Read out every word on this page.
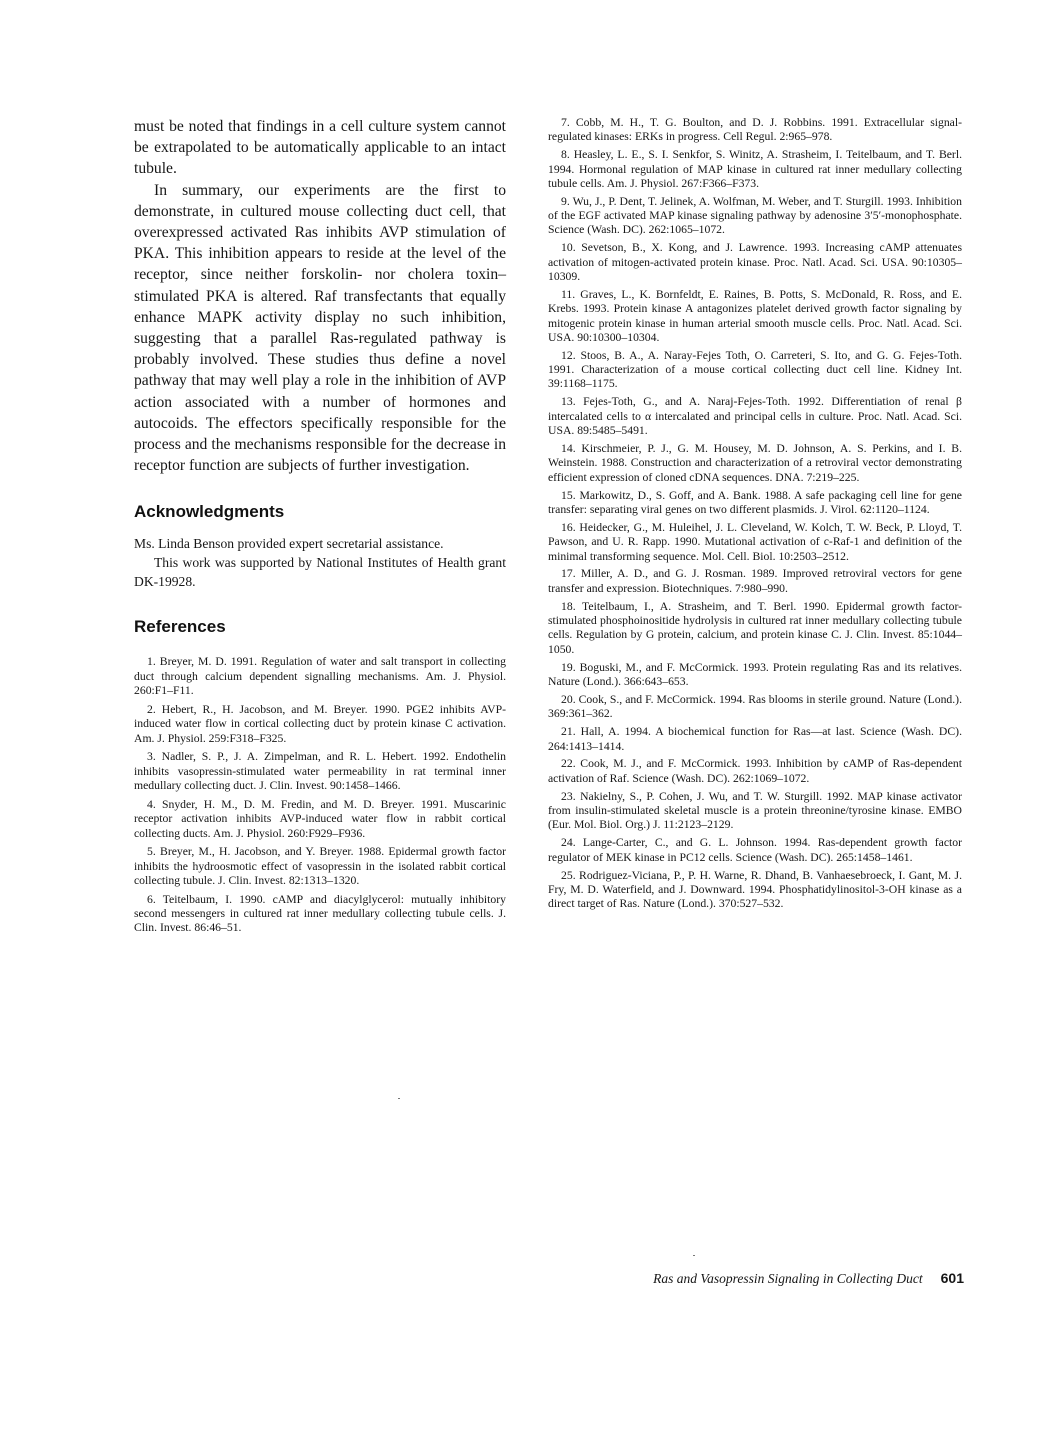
must be noted that findings in a cell culture system cannot be extrapolated to be automatically applicable to an intact tubule.

In summary, our experiments are the first to demonstrate, in cultured mouse collecting duct cell, that overexpressed activated Ras inhibits AVP stimulation of PKA. This inhibition appears to reside at the level of the receptor, since neither forskolin- nor cholera toxin–stimulated PKA is altered. Raf transfectants that equally enhance MAPK activity display no such inhibition, suggesting that a parallel Ras-regulated pathway is probably involved. These studies thus define a novel pathway that may well play a role in the inhibition of AVP action associated with a number of hormones and autocoids. The effectors specifically responsible for the process and the mechanisms responsible for the decrease in receptor function are subjects of further investigation.

Acknowledgments

Ms. Linda Benson provided expert secretarial assistance.

This work was supported by National Institutes of Health grant DK-19928.

References

1. Breyer, M. D. 1991. Regulation of water and salt transport in collecting duct through calcium dependent signalling mechanisms. Am. J. Physiol. 260:F1–F11.

2. Hebert, R., H. Jacobson, and M. Breyer. 1990. PGE2 inhibits AVP-induced water flow in cortical collecting duct by protein kinase C activation. Am. J. Physiol. 259:F318–F325.

3. Nadler, S. P., J. A. Zimpelman, and R. L. Hebert. 1992. Endothelin inhibits vasopressin-stimulated water permeability in rat terminal inner medullary collecting duct. J. Clin. Invest. 90:1458–1466.

4. Snyder, H. M., D. M. Fredin, and M. D. Breyer. 1991. Muscarinic receptor activation inhibits AVP-induced water flow in rabbit cortical collecting ducts. Am. J. Physiol. 260:F929–F936.

5. Breyer, M., H. Jacobson, and Y. Breyer. 1988. Epidermal growth factor inhibits the hydroosmotic effect of vasopressin in the isolated rabbit cortical collecting tubule. J. Clin. Invest. 82:1313–1320.

6. Teitelbaum, I. 1990. cAMP and diacylglycerol: mutually inhibitory second messengers in cultured rat inner medullary collecting tubule cells. J. Clin. Invest. 86:46–51.

7. Cobb, M. H., T. G. Boulton, and D. J. Robbins. 1991. Extracellular signal-regulated kinases: ERKs in progress. Cell Regul. 2:965–978.

8. Heasley, L. E., S. I. Senkfor, S. Winitz, A. Strasheim, I. Teitelbaum, and T. Berl. 1994. Hormonal regulation of MAP kinase in cultured rat inner medullary collecting tubule cells. Am. J. Physiol. 267:F366–F373.

9. Wu, J., P. Dent, T. Jelinek, A. Wolfman, M. Weber, and T. Sturgill. 1993. Inhibition of the EGF activated MAP kinase signaling pathway by adenosine 3′5′-monophosphate. Science (Wash. DC). 262:1065–1072.

10. Sevetson, B., X. Kong, and J. Lawrence. 1993. Increasing cAMP attenuates activation of mitogen-activated protein kinase. Proc. Natl. Acad. Sci. USA. 90:10305–10309.

11. Graves, L., K. Bornfeldt, E. Raines, B. Potts, S. McDonald, R. Ross, and E. Krebs. 1993. Protein kinase A antagonizes platelet derived growth factor signaling by mitogenic protein kinase in human arterial smooth muscle cells. Proc. Natl. Acad. Sci. USA. 90:10300–10304.

12. Stoos, B. A., A. Naray-Fejes Toth, O. Carreteri, S. Ito, and G. G. Fejes-Toth. 1991. Characterization of a mouse cortical collecting duct cell line. Kidney Int. 39:1168–1175.

13. Fejes-Toth, G., and A. Naraj-Fejes-Toth. 1992. Differentiation of renal β intercalated cells to α intercalated and principal cells in culture. Proc. Natl. Acad. Sci. USA. 89:5485–5491.

14. Kirschmeier, P. J., G. M. Housey, M. D. Johnson, A. S. Perkins, and I. B. Weinstein. 1988. Construction and characterization of a retroviral vector demonstrating efficient expression of cloned cDNA sequences. DNA. 7:219–225.

15. Markowitz, D., S. Goff, and A. Bank. 1988. A safe packaging cell line for gene transfer: separating viral genes on two different plasmids. J. Virol. 62:1120–1124.

16. Heidecker, G., M. Huleihel, J. L. Cleveland, W. Kolch, T. W. Beck, P. Lloyd, T. Pawson, and U. R. Rapp. 1990. Mutational activation of c-Raf-1 and definition of the minimal transforming sequence. Mol. Cell. Biol. 10:2503–2512.

17. Miller, A. D., and G. J. Rosman. 1989. Improved retroviral vectors for gene transfer and expression. Biotechniques. 7:980–990.

18. Teitelbaum, I., A. Strasheim, and T. Berl. 1990. Epidermal growth factor-stimulated phosphoinositide hydrolysis in cultured rat inner medullary collecting tubule cells. Regulation by G protein, calcium, and protein kinase C. J. Clin. Invest. 85:1044–1050.

19. Boguski, M., and F. McCormick. 1993. Protein regulating Ras and its relatives. Nature (Lond.). 366:643–653.

20. Cook, S., and F. McCormick. 1994. Ras blooms in sterile ground. Nature (Lond.). 369:361–362.

21. Hall, A. 1994. A biochemical function for Ras—at last. Science (Wash. DC). 264:1413–1414.

22. Cook, M. J., and F. McCormick. 1993. Inhibition by cAMP of Ras-dependent activation of Raf. Science (Wash. DC). 262:1069–1072.

23. Nakielny, S., P. Cohen, J. Wu, and T. W. Sturgill. 1992. MAP kinase activator from insulin-stimulated skeletal muscle is a protein threonine/tyrosine kinase. EMBO (Eur. Mol. Biol. Org.) J. 11:2123–2129.

24. Lange-Carter, C., and G. L. Johnson. 1994. Ras-dependent growth factor regulator of MEK kinase in PC12 cells. Science (Wash. DC). 265:1458–1461.

25. Rodriguez-Viciana, P., P. H. Warne, R. Dhand, B. Vanhaesebroeck, I. Gant, M. J. Fry, M. D. Waterfield, and J. Downward. 1994. Phosphatidylinositol-3-OH kinase as a direct target of Ras. Nature (Lond.). 370:527–532.

Ras and Vasopressin Signaling in Collecting Duct 601
